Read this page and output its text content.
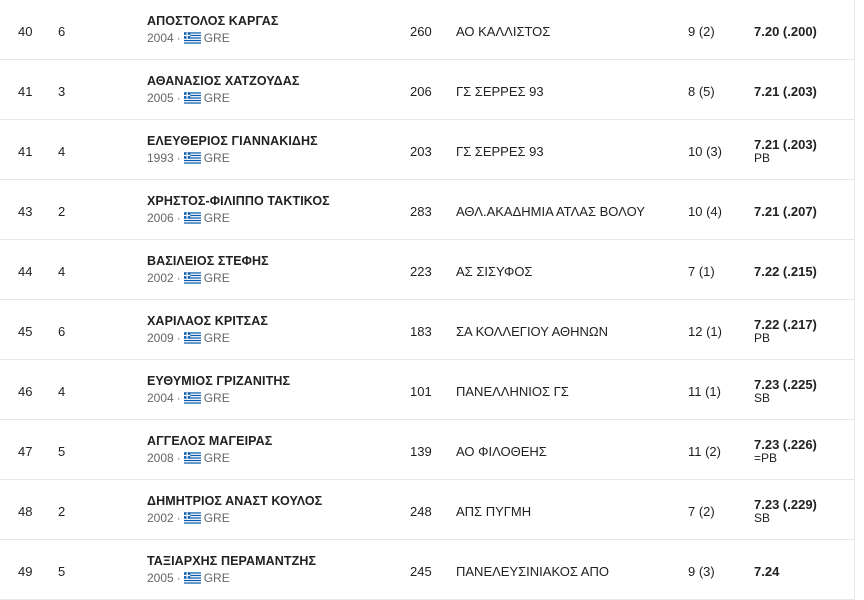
40 6
ΑΠΟΣΤΟΛΟΣ ΚΑΡΓΑΣ
2004 · GRE	260 ΑΟ ΚΑΛΛΙΣΤΟΣ	9 (2)	7.20 (.200)
41 3
ΑΘΑΝΑΣΙΟΣ ΧΑΤΖΟΥΔΑΣ
2005 · GRE	206 ΓΣ ΣΕΡΡΕΣ 93	8 (5)	7.21 (.203)
41 4
ΕΛΕΥΘΕΡΙΟΣ ΓΙΑΝΝΑΚΙΔΗΣ
1993 · GRE	203 ΓΣ ΣΕΡΡΕΣ 93	10 (3) 7.21 (.203)
PB
43 2
ΧΡΗΣΤΟΣ-ΦΙΛΙΠΠΟ ΤΑΚΤΙΚΟΣ
2006 · GRE	283 ΑΘΛ.ΑΚΑΔΗΜΙΑ ΑΤΛΑΣ ΒΟΛΟΥ	10 (4) 7.21 (.207)
44 4
ΒΑΣΙΛΕΙΟΣ ΣΤΕΦΗΣ
2002 · GRE	223 ΑΣ ΣΙΣΥΦΟΣ	7 (1)	7.22 (.215)
45 6
ΧΑΡΙΛΑΟΣ ΚΡΙΤΣΑΣ
2009 · GRE	183 ΣΑ ΚΟΛΛΕΓΙΟΥ ΑΘΗΝΩΝ	12 (1) 7.22 (.217)
PB
46 4
ΕΥΘΥΜΙΟΣ ΓΡΙΖΑΝΙΤΗΣ
2004 · GRE	101 ΠΑΝΕΛΛΗΝΙΟΣ ΓΣ	11 (1)	7.23 (.225)
SB
47 5
ΑΓΓΕΛΟΣ ΜΑΓΕΙΡΑΣ
2008 · GRE	139 ΑΟ ΦΙΛΟΘΕΗΣ	11 (2)	7.23 (.226)
=PB
48 2
ΔΗΜΗΤΡΙΟΣ ΑΝΑΣΤ ΚΟΥΛΟΣ
2002 · GRE	248 ΑΠΣ ΠΥΓΜΗ	7 (2)	7.23 (.229)
SB
49 5
ΤΑΞΙΑΡΧΗΣ ΠΕΡΑΜΑΝΤΖΗΣ
2005 · GRE	245 ΠΑΝΕΛΕΥΣΙΝΙΑΚΟΣ ΑΠΟ	9 (3)	7.24
